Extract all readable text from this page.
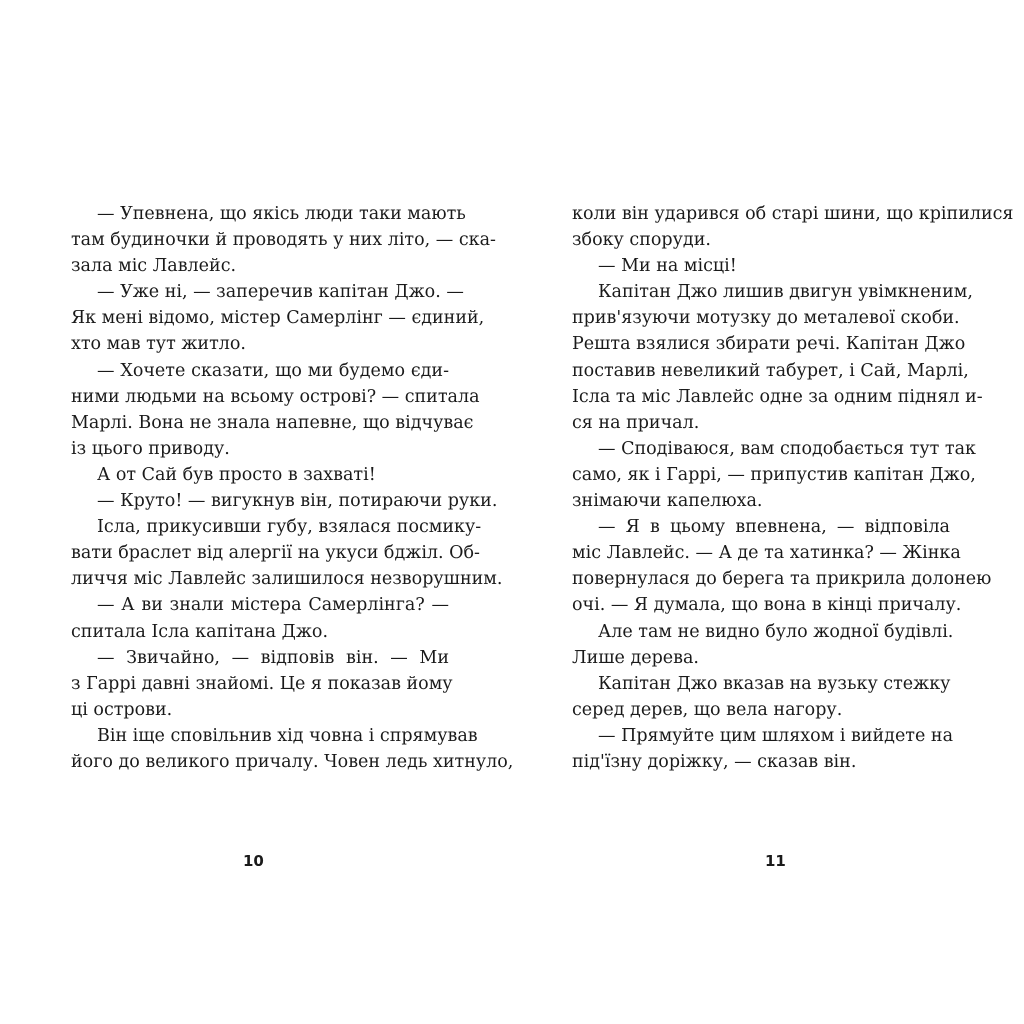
— Упевнена, що якісь люди таки мають
там будиночки й проводять у них літо, — ска-
зала міс Лавлейс.
— Уже ні, — заперечив капітан Джо. —
Як мені відомо, містер Самерлінг — єдиний,
хто мав тут житло.
— Хочете сказати, що ми будемо єди-
ними людьми на всьому острові? — спитала
Марлі. Вона не знала напевне, що відчуває
із цього приводу.
А от Сай був просто в захваті!
— Круто! — вигукнув він, потираючи руки.
Ісла, прикусивши губу, взялася посмику-
вати браслет від алергії на укуси бджіл. Об-
личчя міс Лавлейс залишилося незворушним.
— А ви знали містера Самерлінга? —
спитала Ісла капітана Джо.
— Звичайно, — відповів він. — Ми
з Гаррі давні знайомі. Це я показав йому
ці острови.
Він іще сповільнив хід човна і спрямував
його до великого причалу. Човен ледь хитнуло,
10
коли він ударився об старі шини, що кріпилися
збоку споруди.
— Ми на місці!
Капітан Джо лишив двигун увімкненим,
прив'язуючи мотузку до металевої скоби.
Решта взялися збирати речі. Капітан Джо
поставив невеликий табурет, і Сай, Марлі,
Ісла та міс Лавлейс одне за одним піднял и-
ся на причал.
— Сподіваюся, вам сподобається тут так
само, як і Гаррі, — припустив капітан Джо,
знімаючи капелюха.
— Я в цьому впевнена, — відповіла
міс Лавлейс. — А де та хатинка? — Жінка
повернулася до берега та прикрила долонею
очі. — Я думала, що вона в кінці причалу.
Але там не видно було жодної будівлі.
Лише дерева.
Капітан Джо вказав на вузьку стежку
серед дерев, що вела нагору.
— Прямуйте цим шляхом і вийдете на
під'їзну доріжку, — сказав він.
11
